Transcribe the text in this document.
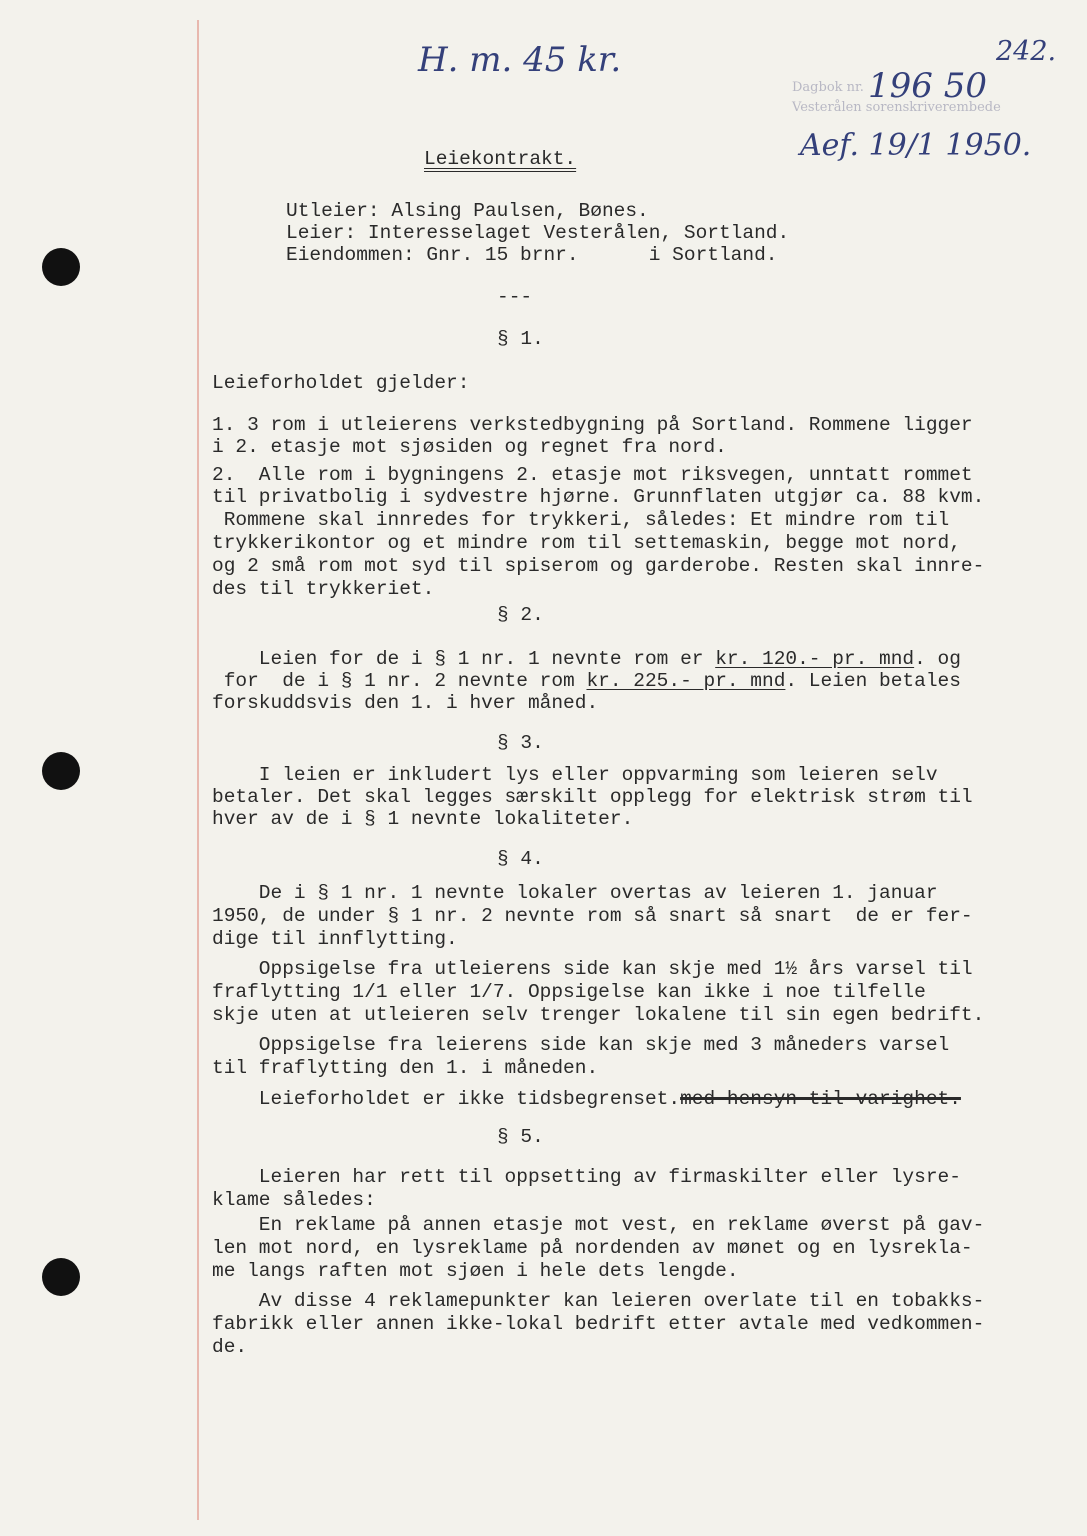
H. m. 45 kr.	242.
Dagbok nr.
Vesterålen sorenskriverembede
196 50
Aef. 19/1 1950.
Leiekontrakt.
Utleier: Alsing Paulsen, Bønes.
Leier: Interesselaget Vesterålen, Sortland.
Eiendommen: Gnr. 15 brnr.      i Sortland.
---
§ 1.
Leieforholdet gjelder:
1. 3 rom i utleierens verkstedbygning på Sortland. Rommene ligger
i 2. etasje mot sjøsiden og regnet fra nord.
2.  Alle rom i bygningens 2. etasje mot riksvegen, unntatt rommet
til privatbolig i sydvestre hjørne. Grunnflaten utgjør ca. 88 kvm.
Rommene skal innredes for trykkeri, således: Et mindre rom til
trykkerikontor og et mindre rom til settemaskin, begge mot nord,
og 2 små rom mot syd til spiserom og garderobe. Resten skal innre-
des til trykkeriet.
§ 2.
Leien for de i § 1 nr. 1 nevnte rom er kr. 120.- pr. mnd. og
for  de i § 1 nr. 2 nevnte rom kr. 225.- pr. mnd. Leien betales
forskuddsvis den 1. i hver måned.
§ 3.
I leien er inkludert lys eller oppvarming som leieren selv
betaler. Det skal legges særskilt opplegg for elektrisk strøm til
hver av de i § 1 nevnte lokaliteter.
§ 4.
De i § 1 nr. 1 nevnte lokaler overtas av leieren 1. januar
1950, de under § 1 nr. 2 nevnte rom så snart så snart  de er fer-
dige til innflytting.
Oppsigelse fra utleierens side kan skje med 1½ års varsel til
fraflytting 1/1 eller 1/7. Oppsigelse kan ikke i noe tilfelle
skje uten at utleieren selv trenger lokalene til sin egen bedrift.
Oppsigelse fra leierens side kan skje med 3 måneders varsel
til fraflytting den 1. i måneden.
Leieforholdet er ikke tidsbegrenset.med hensyn til varighet.
§ 5.
Leieren har rett til oppsetting av firmaskilter eller lysre-
klame således:
En reklame på annen etasje mot vest, en reklame øverst på gav-
len mot nord, en lysreklame på nordenden av mønet og en lysrekla-
me langs raften mot sjøen i hele dets lengde.
Av disse 4 reklamepunkter kan leieren overlate til en tobakks-
fabrikk eller annen ikke-lokal bedrift etter avtale med vedkommen-
de.
